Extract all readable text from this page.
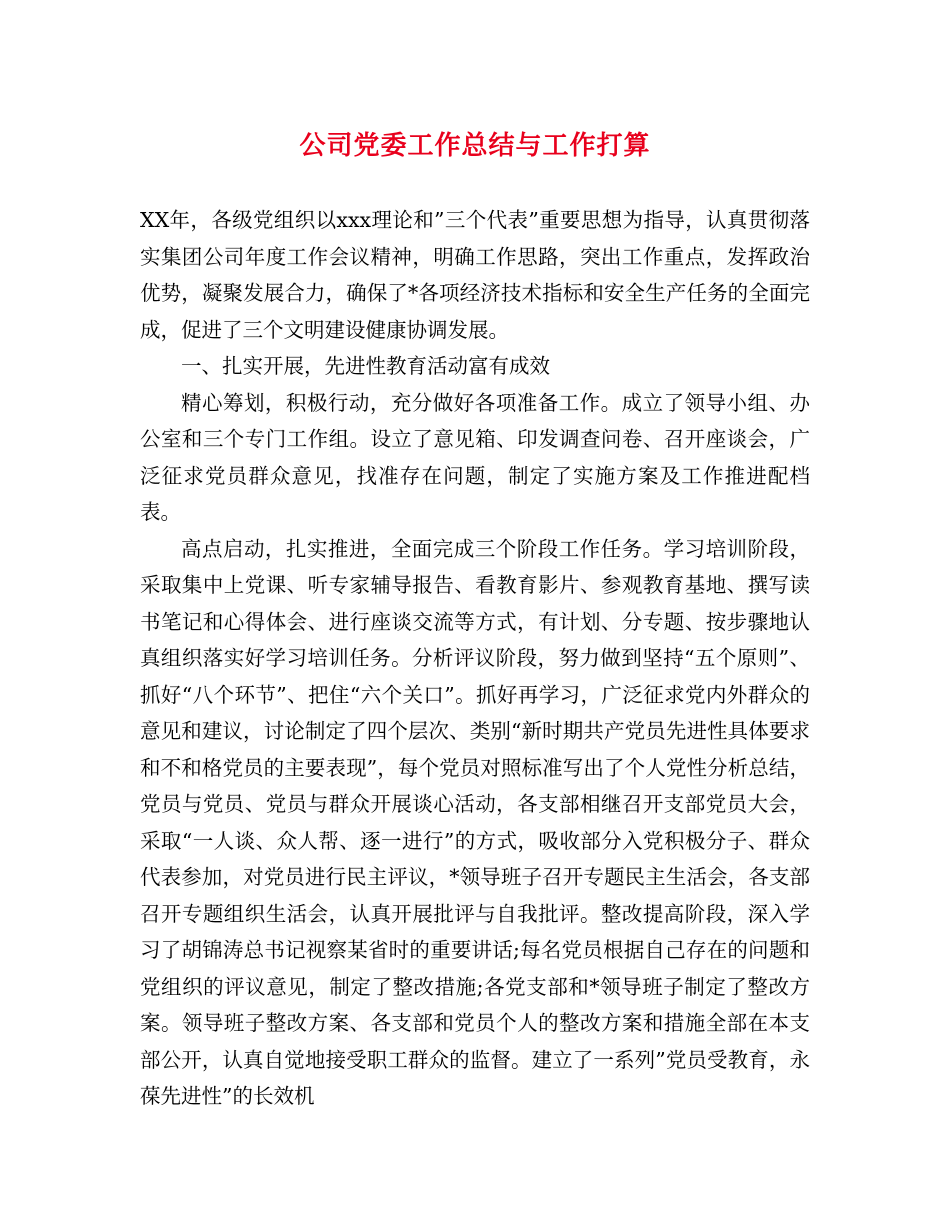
公司党委工作总结与工作打算

XX年，各级党组织以xxx理论和”三个代表”重要思想为指导，认真贯彻落实集团公司年度工作会议精神，明确工作思路，突出工作重点，发挥政治优势，凝聚发展合力，确保了*各项经济技术指标和安全生产任务的全面完成，促进了三个文明建设健康协调发展。

一、扎实开展，先进性教育活动富有成效

精心筹划，积极行动，充分做好各项准备工作。成立了领导小组、办公室和三个专门工作组。设立了意见箱、印发调查问卷、召开座谈会，广泛征求党员群众意见，找准存在问题，制定了实施方案及工作推进配档表。

高点启动，扎实推进，全面完成三个阶段工作任务。学习培训阶段，采取集中上党课、听专家辅导报告、看教育影片、参观教育基地、撰写读书笔记和心得体会、进行座谈交流等方式，有计划、分专题、按步骤地认真组织落实好学习培训任务。分析评议阶段，努力做到坚持“五个原则”、抓好“八个环节”、把住“六个关口”。抓好再学习，广泛征求党内外群众的意见和建议，讨论制定了四个层次、类别“新时期共产党员先进性具体要求和不和格党员的主要表现”，每个党员对照标准写出了个人党性分析总结，党员与党员、党员与群众开展谈心活动，各支部相继召开支部党员大会，采取“一人谈、众人帮、逐一进行”的方式，吸收部分入党积极分子、群众代表参加，对党员进行民主评议，*领导班子召开专题民主生活会，各支部召开专题组织生活会，认真开展批评与自我批评。整改提高阶段，深入学习了胡锦涛总书记视察某省时的重要讲话;每名党员根据自己存在的问题和党组织的评议意见，制定了整改措施;各党支部和*领导班子制定了整改方案。领导班子整改方案、各支部和党员个人的整改方案和措施全部在本支部公开，认真自觉地接受职工群众的监督。建立了一系列”党员受教育，永葆先进性”的长效机
